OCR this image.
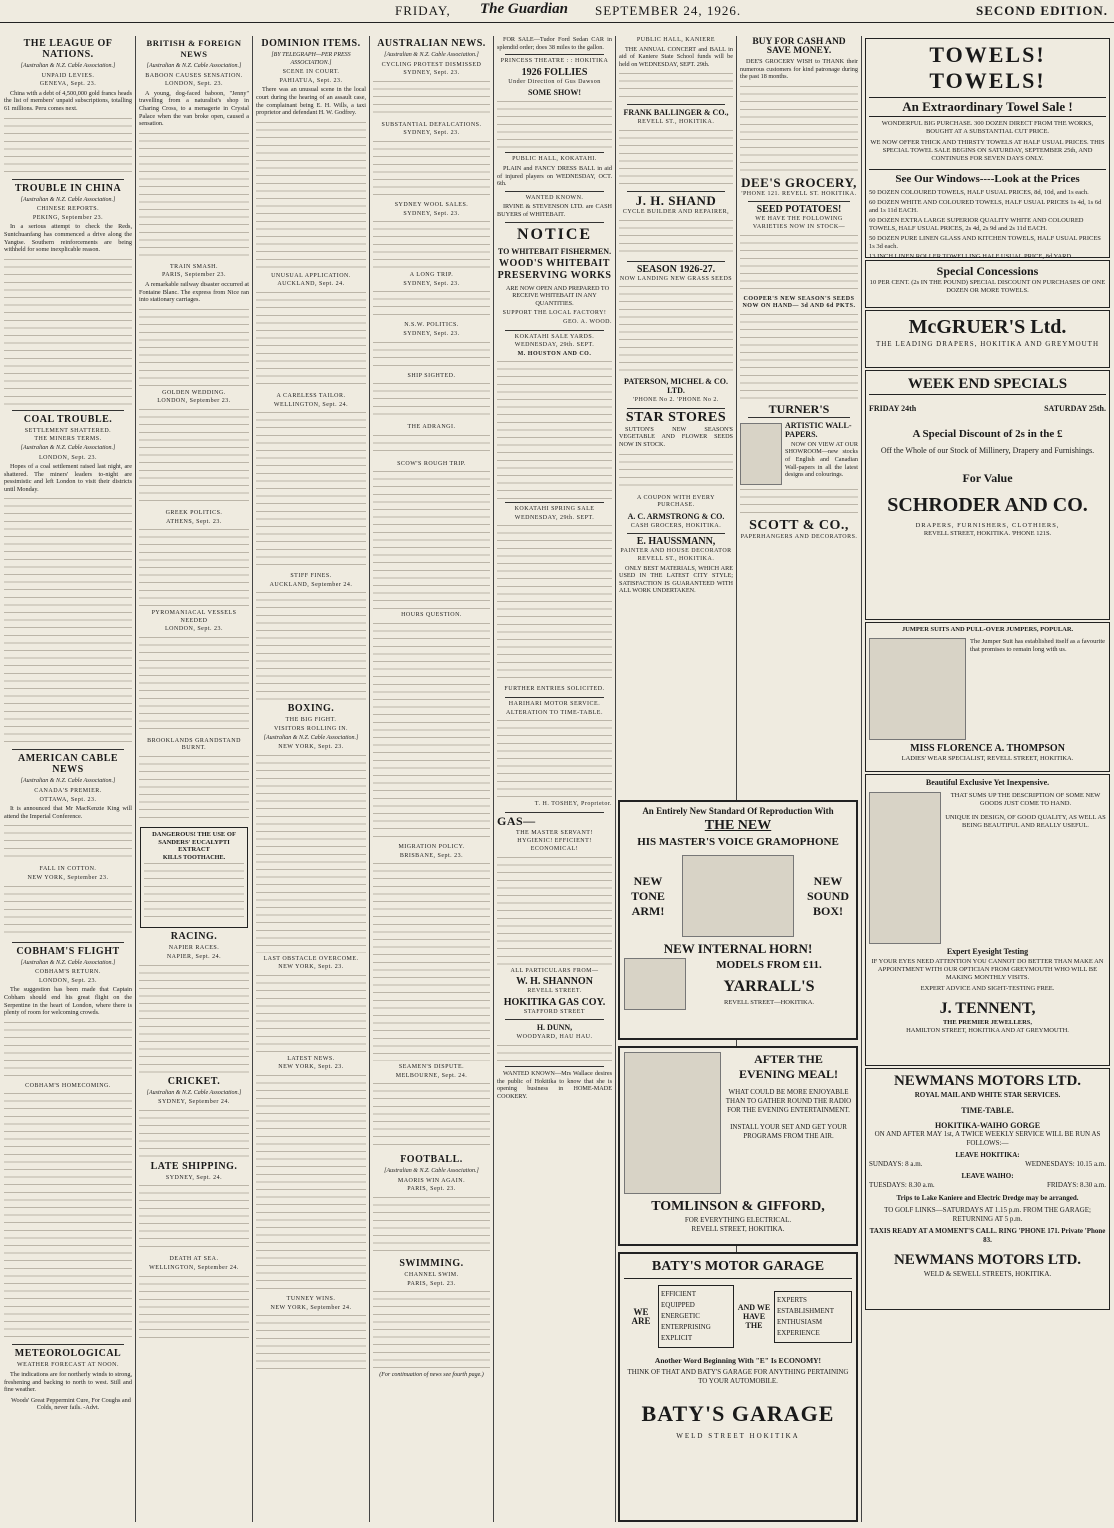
FRIDAY, The Guardian SEPTEMBER 24, 1926.	SECOND EDITION.
THE LEAGUE OF NATIONS.
[Australian & N.Z. Cable Association.]
UNPAID LEVIES.
GENEVA, Sept. 23.

China with a debt of 4,500,000 gold francs heads the list of members' unpaid subscriptions, totalling 61 millions. Peru comes next.

TROUBLE IN CHINA
[Australian & N.Z. Cable Association.]
CHINESE REPORTS.
PEKING, September 23.

In a serious attempt to check the Reds, Suntchuanfang has commenced a drive along the Yangtse. Southern reinforcements are being withheld for some inexplicable reason.

COAL TROUBLE.
SETTLEMENT SHATTERED.
THE MINERS TERMS.
[Australian & N.Z. Cable Association.]
LONDON, Sept. 23.

Hopes of a coal settlement raised last night, are shattered. The miners' leaders to-night are pessimistic and left London to visit their districts until Monday.

AMERICAN CABLE NEWS
[Australian & N.Z. Cable Association.]
CANADA'S PREMIER.
OTTAWA, Sept. 23.

It is announced that Mr MacKenzie King will attend the Imperial Conference.

FALL IN COTTON.
NEW YORK, September 23.

COBHAM'S FLIGHT
[Australian & N.Z. Cable Association.]
COBHAM'S RETURN.
LONDON, Sept. 23.

The suggestion has been made that Captain Cobham should end his great flight on the Serpentine in the heart of London, where there is plenty of room for welcoming crowds.

COBHAM'S HOMECOMING.

METEOROLOGICAL
WEATHER FORECAST AT NOON.

The indications are for northerly winds to strong, freshening and backing to north to west. Still and fine weather.

Woods' Great Peppermint Cure, For Coughs and Colds, never fails. -Advt.

BRITISH & FOREIGN NEWS
[Australian & N.Z. Cable Association.]
BABOON CAUSES SENSATION.
LONDON, Sept. 23.

A young, dog-faced baboon, "Jenny" travelling from a naturalist's shop in Charing Cross, to a menagerie in Crystal Palace when the van broke open, caused a sensation.

TRAIN SMASH.
PARIS, September 23.

A remarkable railway disaster occurred at Fontaine Blanc. The express from Nice ran into stationary carriages.

GOLDEN WEDDING.
LONDON, September 23.

GREEK POLITICS.
ATHENS, Sept. 23.

PYROMANIACAL VESSELS NEEDED
LONDON, Sept. 23.

BROOKLANDS GRANDSTAND BURNT.

DANGEROUS! THE USE OF SANDERS' EUCALYPTI EXTRACT
KILLS TOOTHACHE.

RACING.
NAPIER RACES.
NAPIER, Sept. 24.

CRICKET.
[Australian & N.Z. Cable Association.]
SYDNEY, September 24.

LATE SHIPPING.
SYDNEY, Sept. 24.

DEATH AT SEA.
WELLINGTON, September 24.

DOMINION ITEMS.
[BY TELEGRAPH—PER PRESS ASSOCIATION.]
SCENE IN COURT.
PAHIATUA, Sept. 23.

There was an unusual scene in the local court during the hearing of an assault case, the complainant being E. H. Wills, a taxi proprietor and defendant H. W. Godfrey.

UNUSUAL APPLICATION.
AUCKLAND, Sept. 24.

A CARELESS TAILOR.
WELLINGTON, Sept. 24.

STIFF FINES.
AUCKLAND, September 24.

BOXING.
THE BIG FIGHT.
VISITORS ROLLING IN.
[Australian & N.Z. Cable Association.]
NEW YORK, Sept. 23.

LAST OBSTACLE OVERCOME.
NEW YORK, Sept. 23.

LATEST NEWS.
NEW YORK, Sept. 23.

TUNNEY WINS.
NEW YORK, September 24.

AUSTRALIAN NEWS.
[Australian & N.Z. Cable Association.]
CYCLING PROTEST DISMISSED
SYDNEY, Sept. 23.

SUBSTANTIAL DEFALCATIONS.
SYDNEY, Sept. 23.

SYDNEY WOOL SALES.
SYDNEY, Sept. 23.

A LONG TRIP.
SYDNEY, Sept. 23.

N.S.W. POLITICS.
SYDNEY, Sept. 23.

SHIP SIGHTED.

THE ADRANGI.

SCOW'S ROUGH TRIP.

HOURS QUESTION.

MIGRATION POLICY.
BRISBANE, Sept. 23.

SEAMEN'S DISPUTE.
MELBOURNE, Sept. 24.

FOOTBALL.
[Australian & N.Z. Cable Association.]
MAORIS WIN AGAIN.
PARIS, Sept. 23.

SWIMMING.
CHANNEL SWIM.
PARIS, Sept. 23.

(For continuation of news see fourth page.)

FOR SALE—Tudor Ford Sedan CAR in splendid order; does 38 miles to the gallon.

PRINCESS THEATRE : : HOKITIKA
1926 FOLLIES
Under Direction of Gus Dawson
SOME SHOW!

PUBLIC HALL, KOKATAHI.

PLAIN and FANCY DRESS BALL in aid of injured players on WEDNESDAY, OCT. 6th.

WANTED KNOWN.

IRVINE & STEVENSON LTD. are CASH BUYERS of WHITEBAIT.

NOTICE
TO WHITEBAIT FISHERMEN.
WOOD'S WHITEBAIT PRESERVING WORKS

ARE NOW OPEN AND PREPARED TO RECEIVE WHITEBAIT IN ANY QUANTITIES.

SUPPORT THE LOCAL FACTORY!
GEO. A. WOOD.
KOKATAHI SALE YARDS.
WEDNESDAY, 29th. SEPT.
M. HOUSTON AND CO.

KOKATAHI SPRING SALE
WEDNESDAY, 29th. SEPT.

FURTHER ENTRIES SOLICITED.
HARIHARI MOTOR SERVICE.
ALTERATION TO TIME-TABLE.

T. H. TOSHEY, Proprietor.
GAS—
THE MASTER SERVANT!
HYGIENIC! EFFICIENT! ECONOMICAL!

ALL PARTICULARS FROM—
W. H. SHANNON
REVELL STREET.
HOKITIKA GAS COY.
STAFFORD STREET
H. DUNN,
WOODYARD, HAU HAU.

WANTED KNOWN—Mrs Wallace desires the public of Hokitika to know that she is opening business in HOME-MADE COOKERY.

PUBLIC HALL, KANIERE

THE ANNUAL CONCERT and BALL in aid of Kaniere State School funds will be held on WEDNESDAY, SEPT. 29th.

FRANK BALLINGER & CO.,
REVELL ST., HOKITIKA.

J. H. SHAND
CYCLE BUILDER AND REPAIRER,

SEASON 1926-27.
NOW LANDING NEW GRASS SEEDS

PATERSON, MICHEL & CO. LTD.
'PHONE No 2. 'PHONE No 2.
STAR STORES

SUTTON'S NEW SEASON'S VEGETABLE AND FLOWER SEEDS NOW IN STOCK.

A COUPON WITH EVERY PURCHASE.
A. C. ARMSTRONG & CO.
CASH GROCERS, HOKITIKA.
E. HAUSSMANN,
PAINTER AND HOUSE DECORATOR REVELL ST., HOKITIKA.

ONLY BEST MATERIALS, WHICH ARE USED IN THE LATEST CITY STYLE; SATISFACTION IS GUARANTEED WITH ALL WORK UNDERTAKEN.

BUY FOR CASH AND SAVE MONEY.

DEE'S GROCERY WISH to THANK their numerous customers for kind patronage during the past 18 months.

DEE'S GROCERY,
'PHONE 121. REVELL ST. HOKITIKA.
SEED POTATOES!
WE HAVE THE FOLLOWING VARIETIES NOW IN STOCK—

COOPER'S NEW SEASON'S SEEDS NOW ON HAND— 3d AND 6d PKTS.

TURNER'S
ARTISTIC WALL-PAPERS.

NOW ON VIEW AT OUR SHOWROOM—new stocks of English and Canadian Wall-papers in all the latest designs and colourings.

SCOTT & CO.,
PAPERHANGERS AND DECORATORS.
An Entirely New Standard Of Reproduction With
THE NEW
HIS MASTER'S VOICE GRAMOPHONE
NEW TONE ARM!
NEW SOUND BOX!
NEW INTERNAL HORN!
MODELS FROM £11.
YARRALL'S
REVELL STREET—HOKITIKA.
AFTER THE EVENING MEAL!
WHAT COULD BE MORE ENJOYABLE THAN TO GATHER ROUND THE RADIO FOR THE EVENING ENTERTAINMENT.
INSTALL YOUR SET AND GET YOUR PROGRAMS FROM THE AIR.
TOMLINSON & GIFFORD,
FOR EVERYTHING ELECTRICAL.
REVELL STREET, HOKITIKA.
BATY'S MOTOR GARAGE
WE ARE
EFFICIENT
EQUIPPED
ENERGETIC
ENTERPRISING
EXPLICIT
AND WE HAVE THE
EXPERTS
ESTABLISHMENT
ENTHUSIASM
EXPERIENCE
Another Word Beginning With "E" Is ECONOMY!
THINK OF THAT AND BATY'S GARAGE FOR ANYTHING PERTAINING TO YOUR AUTOMOBILE.
BATY'S GARAGE
WELD STREET HOKITIKA
TOWELS! TOWELS!
An Extraordinary Towel Sale !
WONDERFUL BIG PURCHASE. 300 DOZEN DIRECT FROM THE WORKS, BOUGHT AT A SUBSTANTIAL CUT PRICE.
WE NOW OFFER THICK AND THIRSTY TOWELS AT HALF USUAL PRICES. THIS SPECIAL TOWEL SALE BEGINS ON SATURDAY, SEPTEMBER 25th, AND CONTINUES FOR SEVEN DAYS ONLY.
See Our Windows----Look at the Prices
50 DOZEN COLOURED TOWELS, HALF USUAL PRICES, 8d, 10d, and 1s each.
60 DOZEN WHITE AND COLOURED TOWELS, HALF USUAL PRICES 1s 4d, 1s 6d and 1s 11d EACH.
60 DOZEN EXTRA LARGE SUPERIOR QUALITY WHITE AND COLOURED TOWELS, HALF USUAL PRICES, 2s 4d, 2s 9d and 2s 11d EACH.
50 DOZEN PURE LINEN GLASS AND KITCHEN TOWELS, HALF USUAL PRICES 1s 3d each.
13 INCH LINEN ROLLER TOWELLING HALF USUAL PRICE, 8d YARD
Special Concessions
10 PER CENT. (2s IN THE POUND) SPECIAL DISCOUNT ON PURCHASES OF ONE DOZEN OR MORE TOWELS.
McGRUER'S Ltd.
THE LEADING DRAPERS, HOKITIKA AND GREYMOUTH
WEEK END SPECIALS
FRIDAY 24th	SATURDAY 25th.
A Special Discount of 2s in the £
Off the Whole of our Stock of Millinery, Drapery and Furnishings.
For Value
SCHRODER AND CO.
DRAPERS, FURNISHERS, CLOTHIERS,
REVELL STREET, HOKITIKA. 'PHONE 121S.
JUMPER SUITS AND PULL-OVER JUMPERS, POPULAR.
The Jumper Suit has established itself as a favourite that promises to remain long with us.
MISS FLORENCE A. THOMPSON
LADIES' WEAR SPECIALIST, REVELL STREET, HOKITIKA.
Beautiful Exclusive Yet Inexpensive.
THAT SUMS UP THE DESCRIPTION OF SOME NEW GOODS JUST COME TO HAND.
UNIQUE IN DESIGN, OF GOOD QUALITY, AS WELL AS BEING BEAUTIFUL AND REALLY USEFUL.
Expert Eyesight Testing
IF YOUR EYES NEED ATTENTION YOU CANNOT DO BETTER THAN MAKE AN APPOINTMENT WITH OUR OPTICIAN FROM GREYMOUTH WHO WILL BE MAKING MONTHLY VISITS.
EXPERT ADVICE AND SIGHT-TESTING FREE.
J. TENNENT,
THE PREMIER JEWELLERS,
HAMILTON STREET, HOKITIKA AND AT GREYMOUTH.
NEWMANS MOTORS LTD.
ROYAL MAIL AND WHITE STAR SERVICES.
TIME-TABLE.
HOKITIKA-WAIHO GORGE
ON AND AFTER MAY 1st, A TWICE WEEKLY SERVICE WILL BE RUN AS FOLLOWS:—
LEAVE HOKITIKA:
SUNDAYS: 8 a.m.	WEDNESDAYS: 10.15 a.m.
LEAVE WAIHO:
TUESDAYS: 8.30 a.m.	FRIDAYS: 8.30 a.m.
Trips to Lake Kaniere and Electric Dredge may be arranged.
TO GOLF LINKS—SATURDAYS AT 1.15 p.m. FROM THE GARAGE; RETURNING AT 5 p.m.
TAXIS READY AT A MOMENT'S CALL. RING 'PHONE 171. Private 'Phone 83.
NEWMANS MOTORS LTD.
WELD & SEWELL STREETS, HOKITIKA.
